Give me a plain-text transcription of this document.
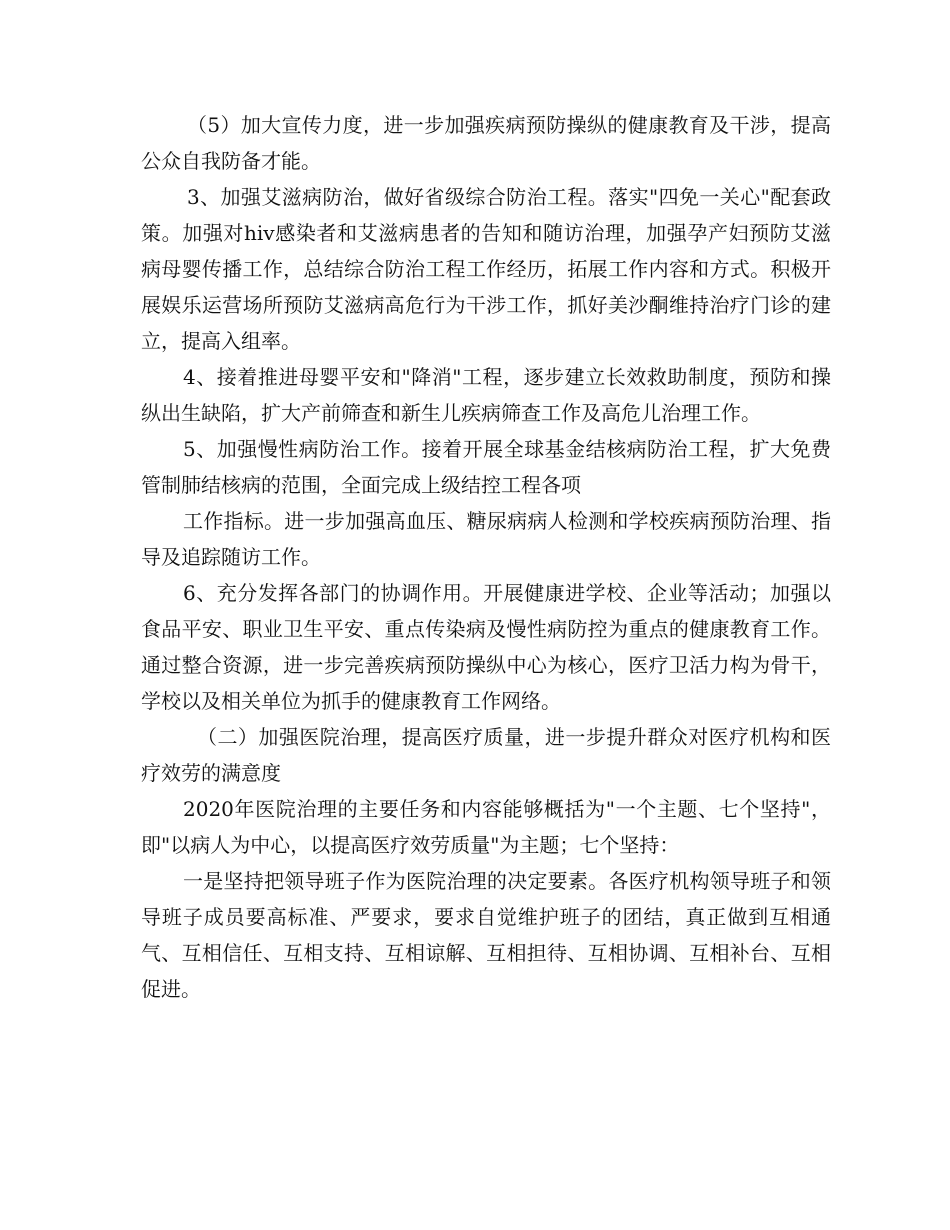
（5）加大宣传力度，进一步加强疾病预防操纵的健康教育及干涉，提高公众自我防备才能。

3、加强艾滋病防治，做好省级综合防治工程。落实"四免一关心"配套政策。加强对hiv感染者和艾滋病患者的告知和随访治理，加强孕产妇预防艾滋病母婴传播工作，总结综合防治工程工作经历，拓展工作内容和方式。积极开展娱乐运营场所预防艾滋病高危行为干涉工作，抓好美沙酮维持治疗门诊的建立，提高入组率。

4、接着推进母婴平安和"降消"工程，逐步建立长效救助制度，预防和操纵出生缺陷，扩大产前筛查和新生儿疾病筛查工作及高危儿治理工作。

5、加强慢性病防治工作。接着开展全球基金结核病防治工程，扩大免费管制肺结核病的范围，全面完成上级结控工程各项

工作指标。进一步加强高血压、糖尿病病人检测和学校疾病预防治理、指导及追踪随访工作。

6、充分发挥各部门的协调作用。开展健康进学校、企业等活动；加强以食品平安、职业卫生平安、重点传染病及慢性病防控为重点的健康教育工作。通过整合资源，进一步完善疾病预防操纵中心为核心，医疗卫活力构为骨干，学校以及相关单位为抓手的健康教育工作网络。

（二）加强医院治理，提高医疗质量，进一步提升群众对医疗机构和医疗效劳的满意度

2020年医院治理的主要任务和内容能够概括为"一个主题、七个坚持"，即"以病人为中心，以提高医疗效劳质量"为主题；七个坚持：

一是坚持把领导班子作为医院治理的决定要素。各医疗机构领导班子和领导班子成员要高标准、严要求，要求自觉维护班子的团结，真正做到互相通气、互相信任、互相支持、互相谅解、互相担待、互相协调、互相补台、互相促进。
